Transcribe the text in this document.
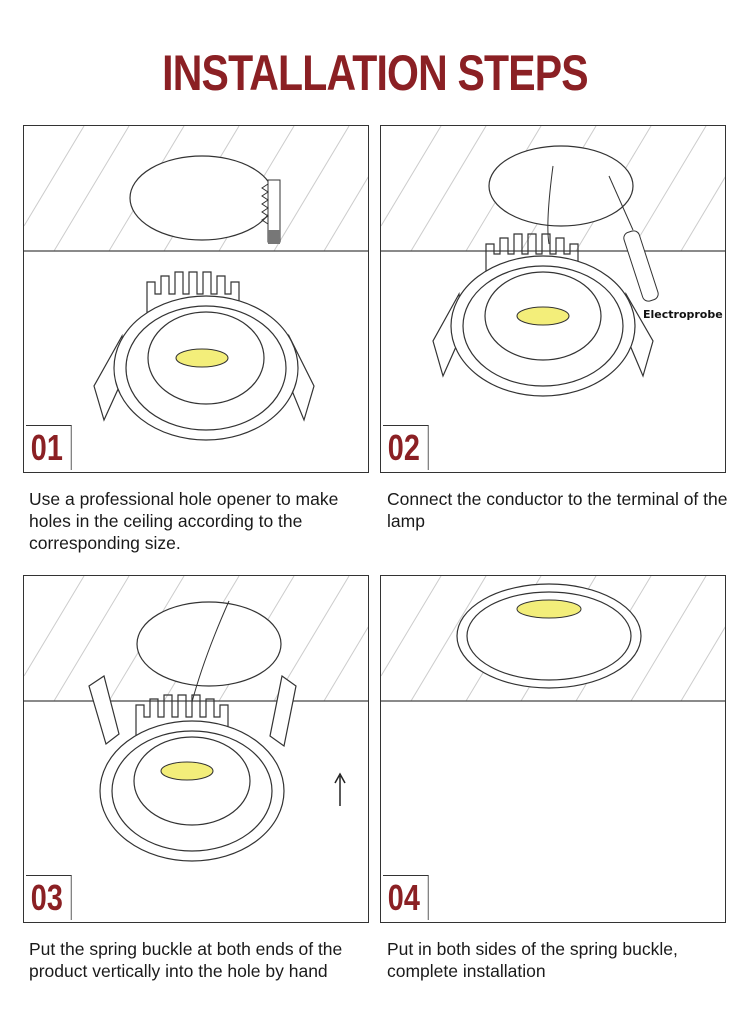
INSTALLATION STEPS
01
Electroprobe
02
03	04

Use a professional hole opener to make holes in the ceiling according to the corresponding size.

Connect the conductor to the terminal of the lamp

Put the spring buckle at both ends of the product vertically into the hole by hand

Put in both sides of the spring buckle, complete installation
